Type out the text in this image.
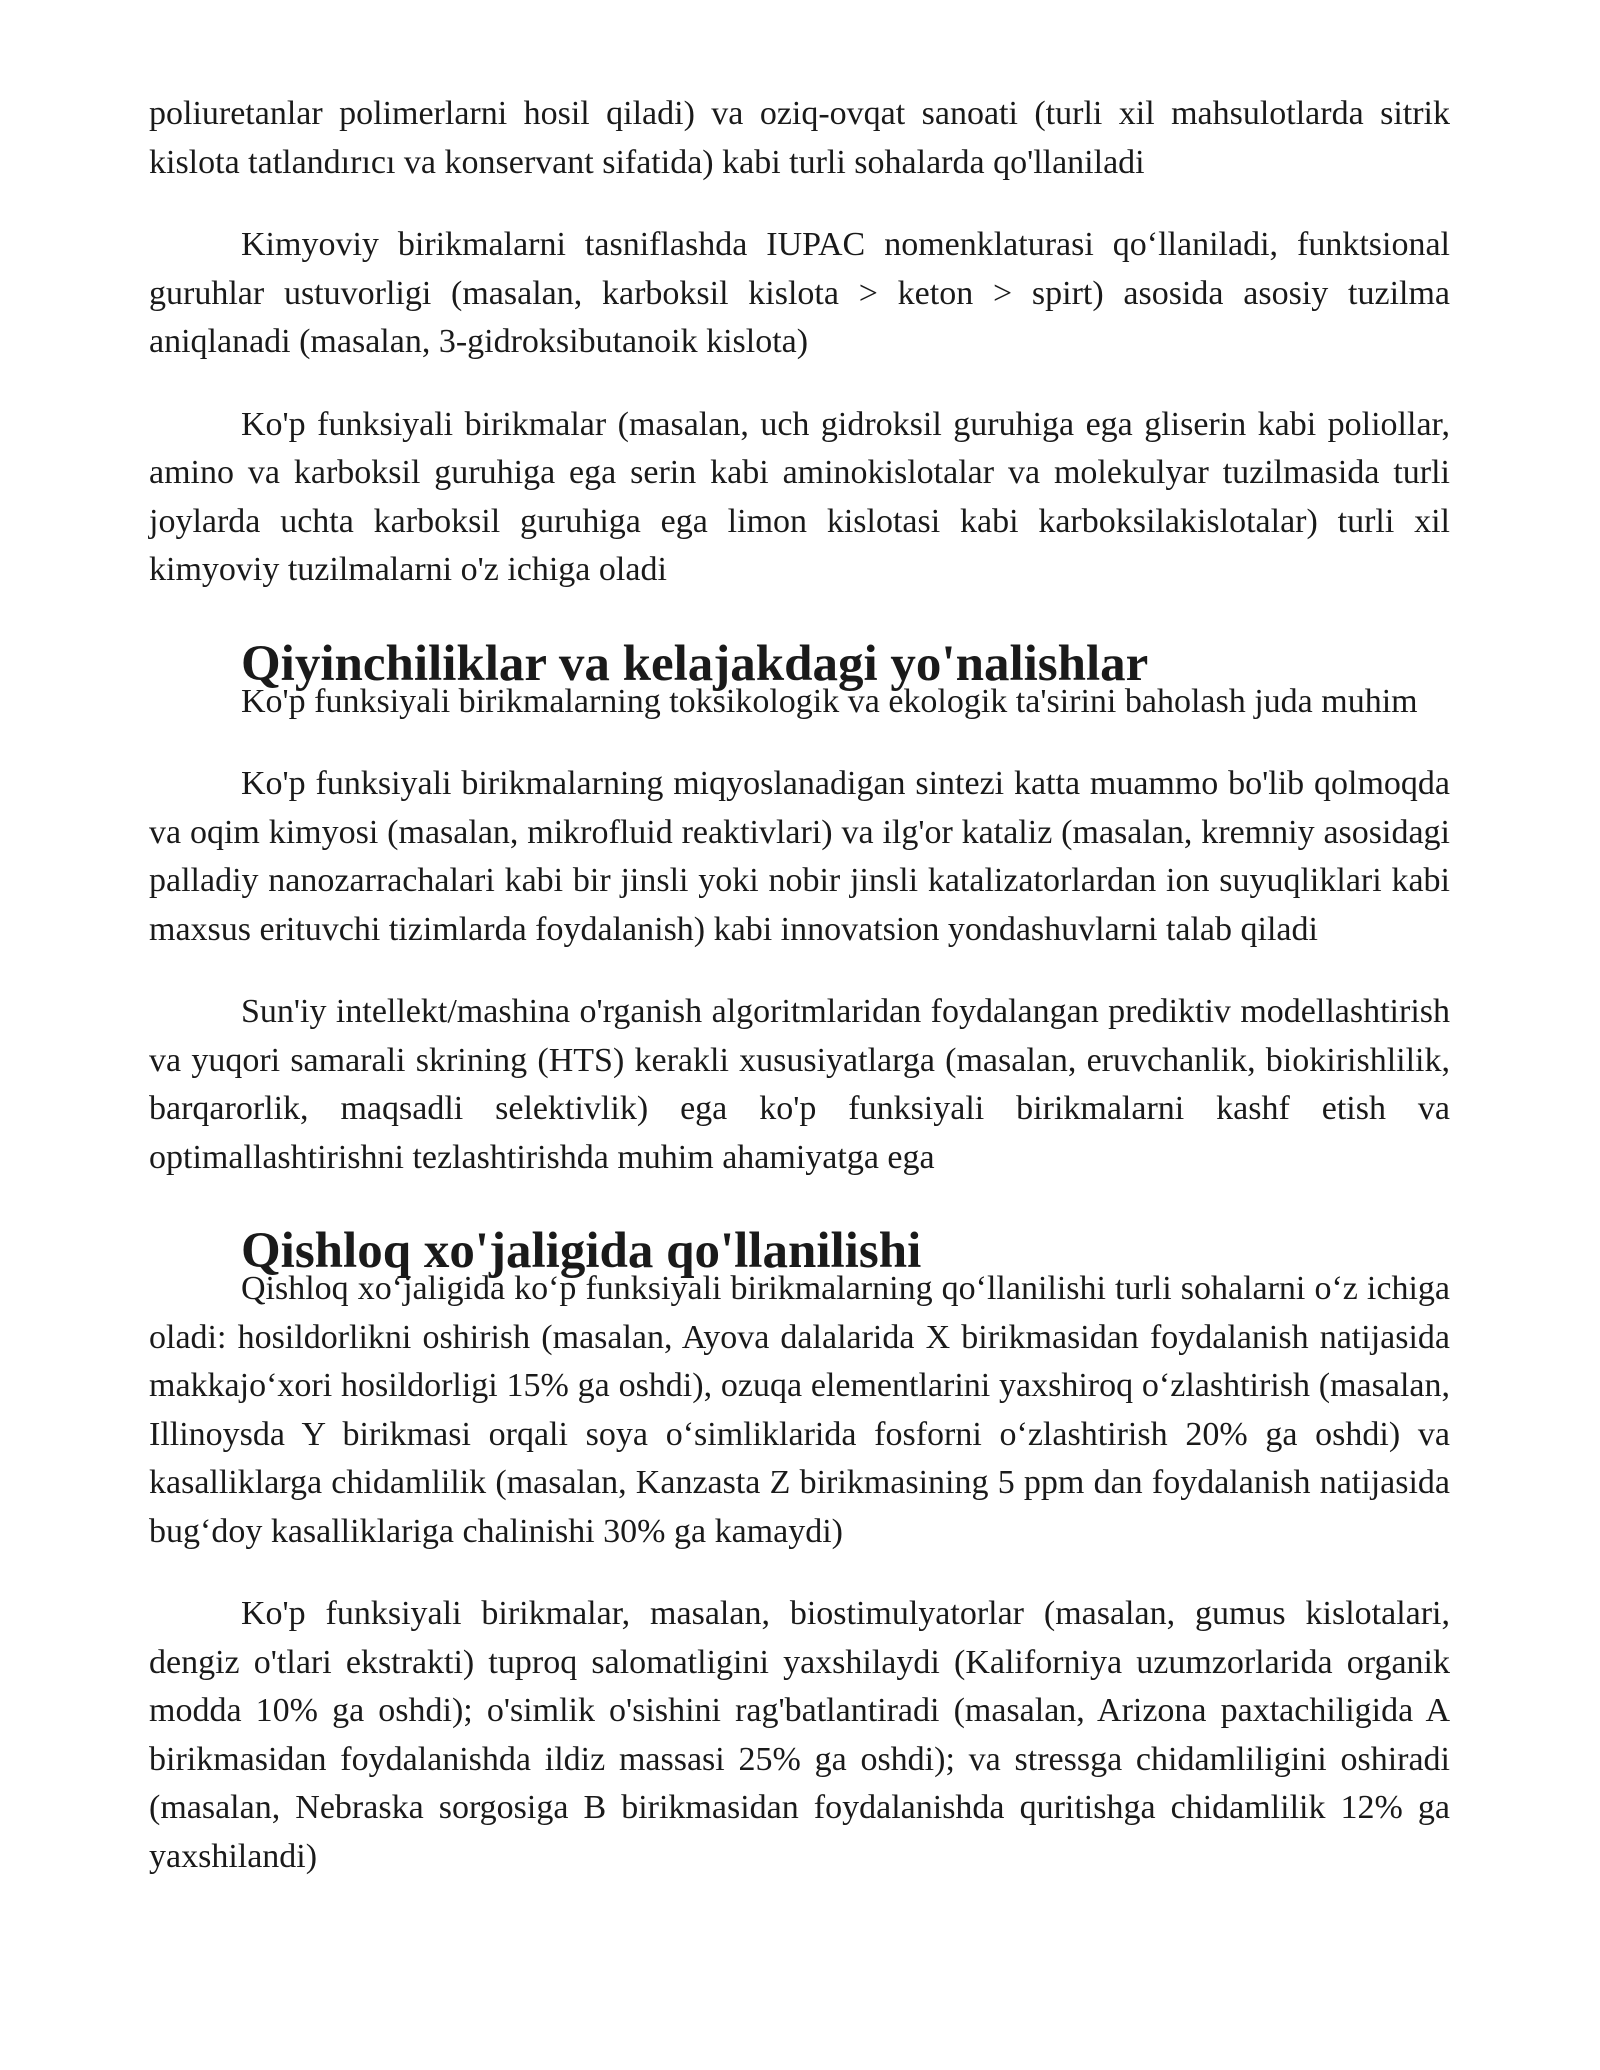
poliuretanlar polimerlarni hosil qiladi) va oziq-ovqat sanoati (turli xil mahsulotlarda sitrik kislota tatlandırıcı va konservant sifatida) kabi turli sohalarda qo'llaniladi

Kimyoviy birikmalarni tasniflashda IUPAC nomenklaturasi qo‘llaniladi, funktsional guruhlar ustuvorligi (masalan, karboksil kislota > keton > spirt) asosida asosiy tuzilma aniqlanadi (masalan, 3-gidroksibutanoik kislota)

Ko'p funksiyali birikmalar (masalan, uch gidroksil guruhiga ega gliserin kabi poliollar, amino va karboksil guruhiga ega serin kabi aminokislotalar va molekulyar tuzilmasida turli joylarda uchta karboksil guruhiga ega limon kislotasi kabi karboksilakislotalar) turli xil kimyoviy tuzilmalarni o'z ichiga oladi

Qiyinchiliklar va kelajakdagi yo'nalishlar

Ko'p funksiyali birikmalarning toksikologik va ekologik ta'sirini baholash juda muhim

Ko'p funksiyali birikmalarning miqyoslanadigan sintezi katta muammo bo'lib qolmoqda va oqim kimyosi (masalan, mikrofluid reaktivlari) va ilg'or kataliz (masalan, kremniy asosidagi palladiy nanozarrachalari kabi bir jinsli yoki nobir jinsli katalizatorlardan ion suyuqliklari kabi maxsus erituvchi tizimlarda foydalanish) kabi innovatsion yondashuvlarni talab qiladi

Sun'iy intellekt/mashina o'rganish algoritmlaridan foydalangan prediktiv modellashtirish va yuqori samarali skrining (HTS) kerakli xususiyatlarga (masalan, eruvchanlik, biokirishlilik, barqarorlik, maqsadli selektivlik) ega ko'p funksiyali birikmalarni kashf etish va optimallashtirishni tezlashtirishda muhim ahamiyatga ega

Qishloq xo'jaligida qo'llanilishi

Qishloq xo‘jaligida ko‘p funksiyali birikmalarning qo‘llanilishi turli sohalarni o‘z ichiga oladi: hosildorlikni oshirish (masalan, Ayova dalalarida X birikmasidan foydalanish natijasida makkajo‘xori hosildorligi 15% ga oshdi), ozuqa elementlarini yaxshiroq o‘zlashtirish (masalan, Illinoysda Y birikmasi orqali soya o‘simliklarida fosforni o‘zlashtirish 20% ga oshdi) va kasalliklarga chidamlilik (masalan, Kanzasta Z birikmasining 5 ppm dan foydalanish natijasida bug‘doy kasalliklariga chalinishi 30% ga kamaydi)

Ko'p funksiyali birikmalar, masalan, biostimulyatorlar (masalan, gumus kislotalari, dengiz o'tlari ekstrakti) tuproq salomatligini yaxshilaydi (Kaliforniya uzumzorlarida organik modda 10% ga oshdi); o'simlik o'sishini rag'batlantiradi (masalan, Arizona paxtachiligida A birikmasidan foydalanishda ildiz massasi 25% ga oshdi); va stressga chidamliligini oshiradi (masalan, Nebraska sorgosiga B birikmasidan foydalanishda quritishga chidamlilik 12% ga yaxshilandi)
